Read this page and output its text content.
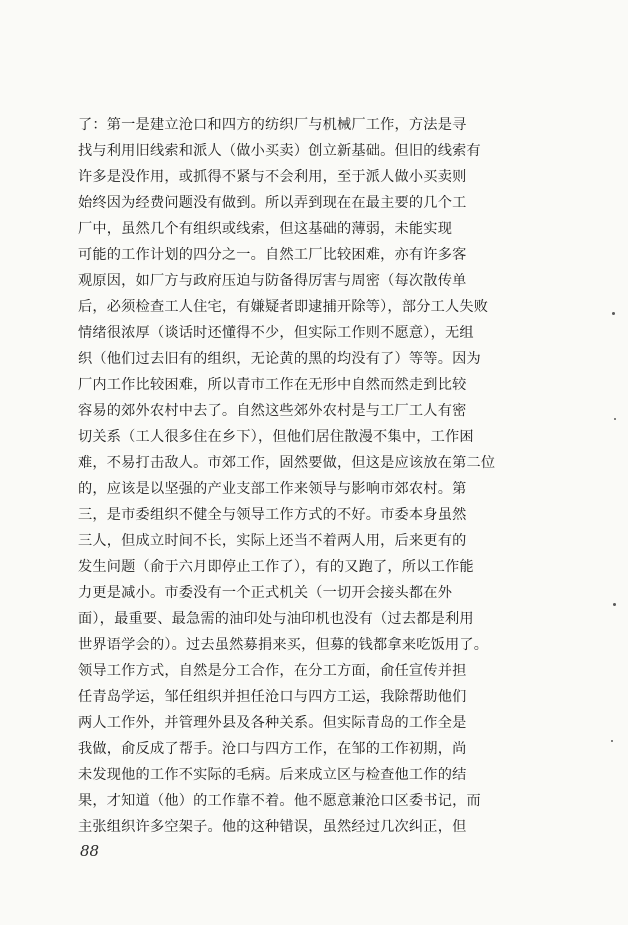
了：第一是建立沧口和四方的纺织厂与机械厂工作，方法是寻
找与利用旧线索和派人（做小买卖）创立新基础。但旧的线索有
许多是没作用，或抓得不紧与不会利用，至于派人做小买卖则
始终因为经费问题没有做到。所以弄到现在在最主要的几个工
厂中，虽然几个有组织或线索，但这基础的薄弱，未能实现
可能的工作计划的四分之一。自然工厂比较困难，亦有许多客
观原因，如厂方与政府压迫与防备得厉害与周密（每次散传单
后，必须检查工人住宅，有嫌疑者即逮捕开除等），部分工人失败
情绪很浓厚（谈话时还懂得不少，但实际工作则不愿意），无组
织（他们过去旧有的组织，无论黄的黑的均没有了）等等。因为
厂内工作比较困难，所以青市工作在无形中自然而然走到比较
容易的郊外农村中去了。自然这些郊外农村是与工厂工人有密
切关系（工人很多住在乡下），但他们居住散漫不集中，工作困
难，不易打击敌人。市郊工作，固然要做，但这是应该放在第二位
的，应该是以坚强的产业支部工作来领导与影响市郊农村。第
三，是市委组织不健全与领导工作方式的不好。市委本身虽然
三人，但成立时间不长，实际上还当不着两人用，后来更有的
发生问题（俞于六月即停止工作了），有的又跑了，所以工作能
力更是减小。市委没有一个正式机关（一切开会接头都在外
面），最重要、最急需的油印处与油印机也没有（过去都是利用
世界语学会的）。过去虽然募捐来买，但募的钱都拿来吃饭用了。
领导工作方式，自然是分工合作，在分工方面，俞任宣传并担
任青岛学运，邹任组织并担任沧口与四方工运，我除帮助他们
两人工作外，并管理外县及各种关系。但实际青岛的工作全是
我做，俞反成了帮手。沧口与四方工作，在邹的工作初期，尚
未发现他的工作不实际的毛病。后来成立区与检查他工作的结
果，才知道（他）的工作靠不着。他不愿意兼沧口区委书记，而
主张组织许多空架子。他的这种错误，虽然经过几次纠正，但
88
